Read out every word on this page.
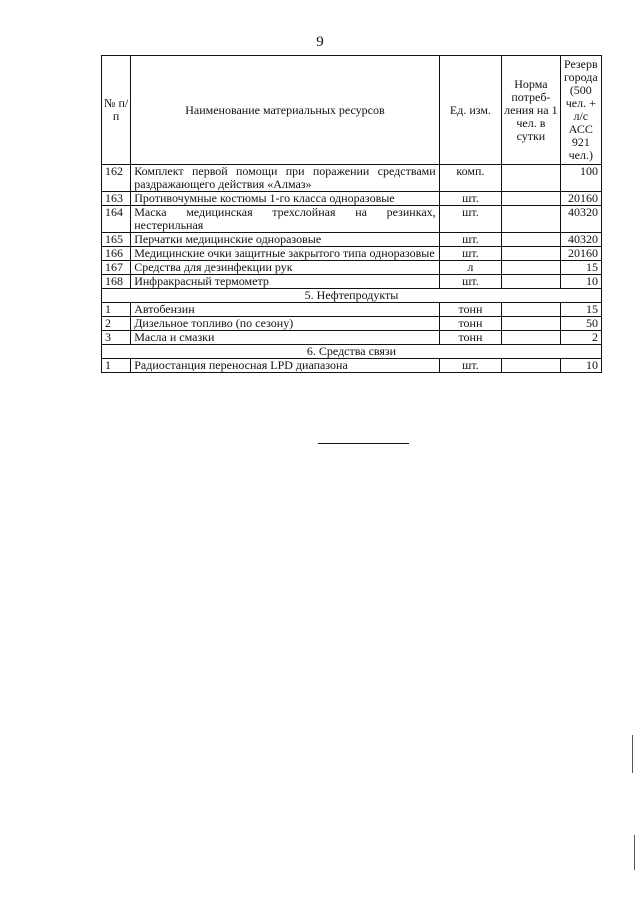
9
№ п/п	Наименование материальных ресурсов	Ед. изм.	Норма потреб-ления на 1 чел. в сутки	Резерв города (500 чел. + л/с АСС 921 чел.)
162	Комплект первой помощи при поражении средствами раздражающего действия «Алмаз»	комп.		100
163	Противочумные костюмы 1-го класса одноразовые	шт.		20160
164	Маска медицинская трехслойная на резинках, нестерильная	шт.		40320
165	Перчатки медицинские одноразовые	шт.		40320
166	Медицинские очки защитные закрытого типа одноразовые	шт.		20160
167	Средства для дезинфекции рук	л		15
168	Инфракрасный термометр	шт.		10
5. Нефтепродукты				
1	Автобензин	тонн		15
2	Дизельное топливо (по сезону)	тонн		50
3	Масла и смазки	тонн		2
6. Средства связи				
1	Радиостанция переносная LPD диапазона	шт.		10
